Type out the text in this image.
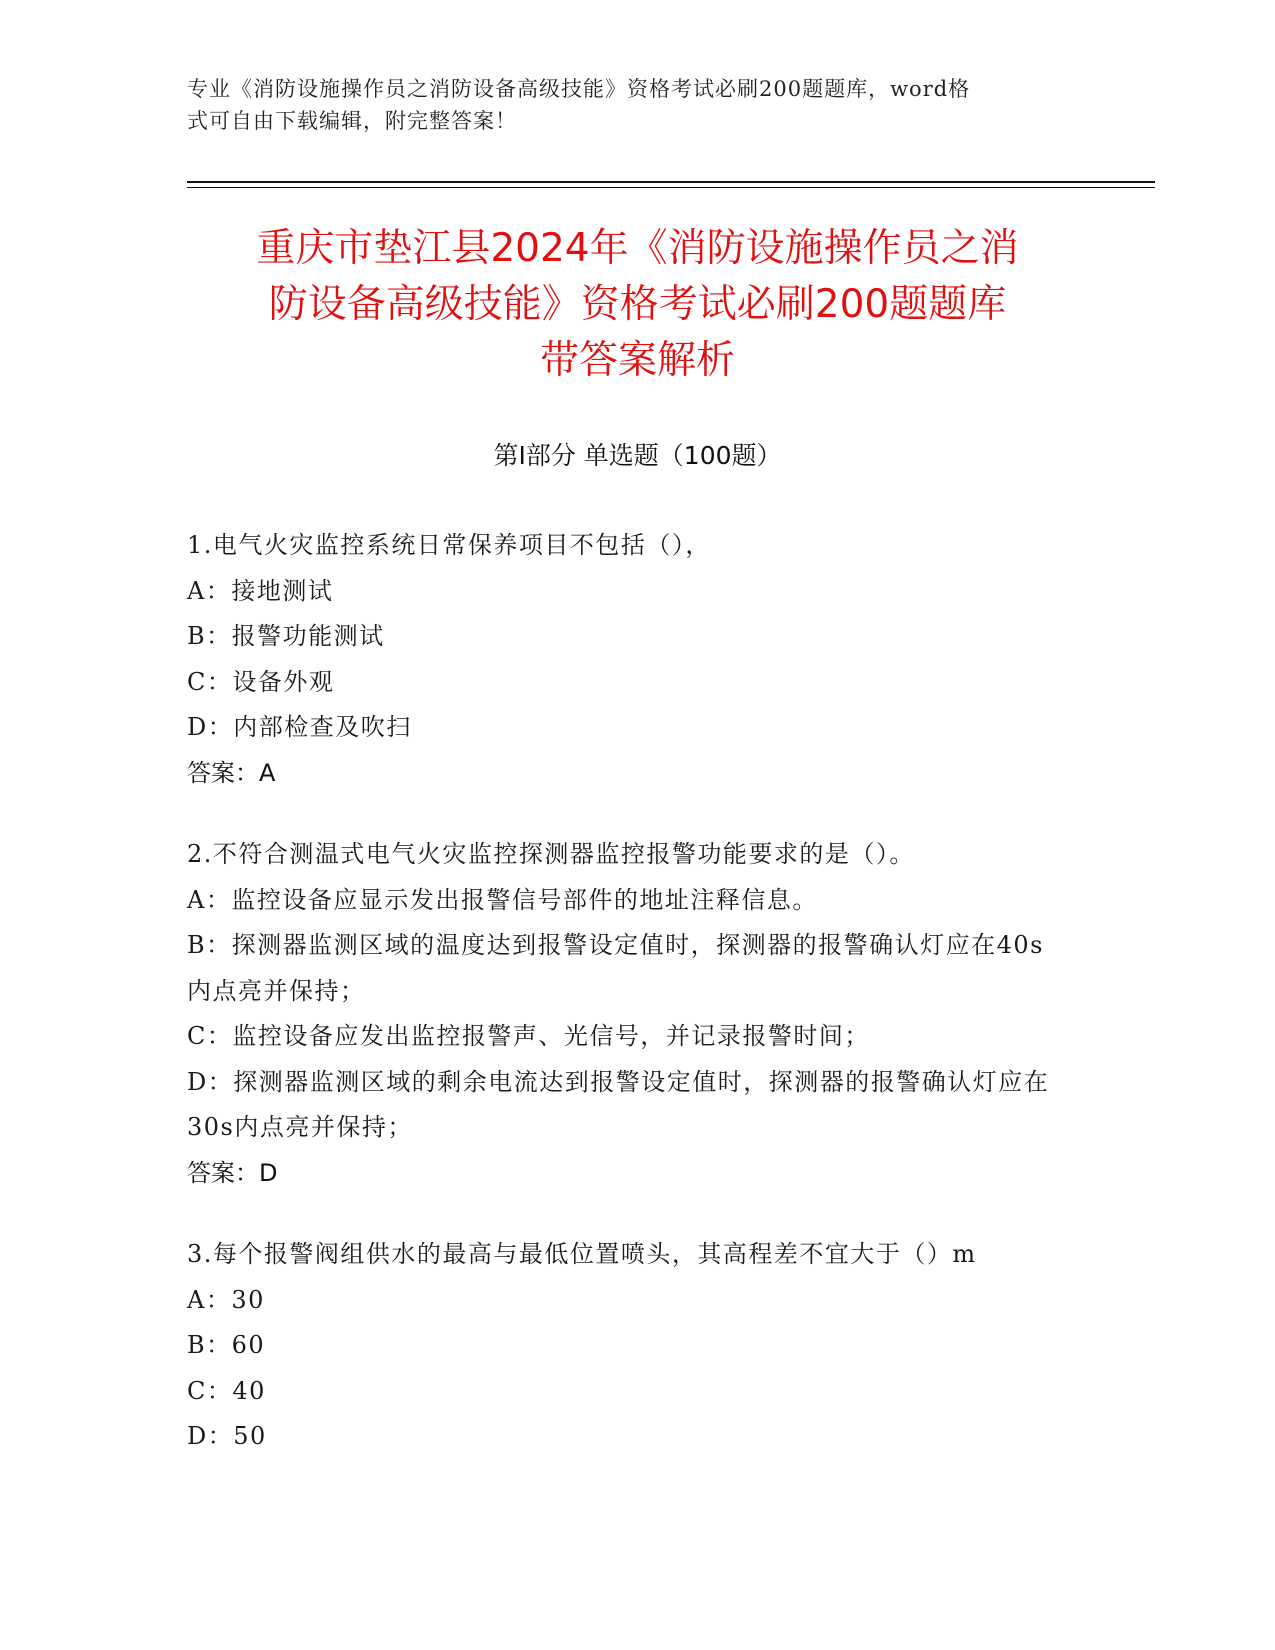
专业《消防设施操作员之消防设备高级技能》资格考试必刷200题题库，word格
式可自由下载编辑，附完整答案！
重庆市垫江县2024年《消防设施操作员之消
防设备高级技能》资格考试必刷200题题库
带答案解析
第Ⅰ部分 单选题（100题）
1.电气火灾监控系统日常保养项目不包括（），
A：接地测试
B：报警功能测试
C：设备外观
D：内部检查及吹扫
答案：A
2.不符合测温式电气火灾监控探测器监控报警功能要求的是（）。
A：监控设备应显示发出报警信号部件的地址注释信息。
B：探测器监测区域的温度达到报警设定值时，探测器的报警确认灯应在40s内点亮并保持；
C：监控设备应发出监控报警声、光信号，并记录报警时间；
D：探测器监测区域的剩余电流达到报警设定值时，探测器的报警确认灯应在30s内点亮并保持；
答案：D
3.每个报警阀组供水的最高与最低位置喷头，其高程差不宜大于（）m
A：30
B：60
C：40
D：50
